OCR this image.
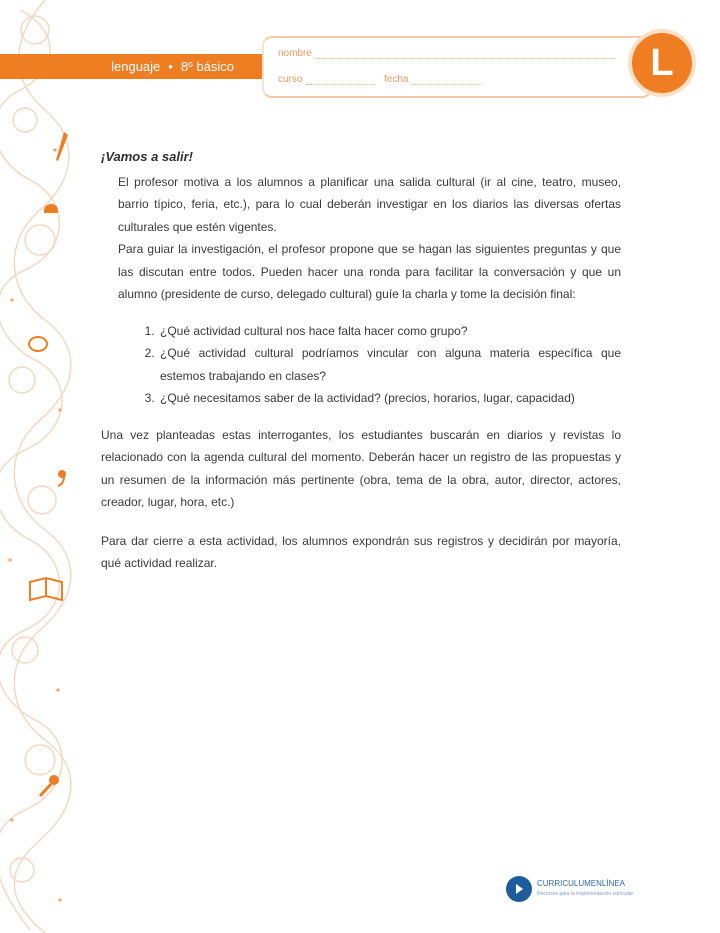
lenguaje • 8º básico
nombre
curso	fecha	L

¡Vamos a salir!

El profesor motiva a los alumnos a planificar una salida cultural (ir al cine, teatro, museo, barrio típico, feria, etc.), para lo cual deberán investigar en los diarios las diversas ofertas culturales que estén vigentes.

Para guiar la investigación, el profesor propone que se hagan las siguientes preguntas y que las discutan entre todos. Pueden hacer una ronda para facilitar la conversación y que un alumno (presidente de curso, delegado cultural) guíe la charla y tome la decisión final:

1. ¿Qué actividad cultural nos hace falta hacer como grupo?
2. ¿Qué actividad cultural podríamos vincular con alguna materia específica que estemos trabajando en clases?
3. ¿Qué necesitamos saber de la actividad? (precios, horarios, lugar, capacidad)

Una vez planteadas estas interrogantes, los estudiantes buscarán en diarios y revistas lo relacionado con la agenda cultural del momento. Deberán hacer un registro de las propuestas y un resumen de la información más pertinente (obra, tema de la obra, autor, director, actores, creador, lugar, hora, etc.)

Para dar cierre a esta actividad, los alumnos expondrán sus registros y decidirán por mayoría, qué actividad realizar.

CURRICULUMENLÍNEA
Recursos para la implementación curricular
